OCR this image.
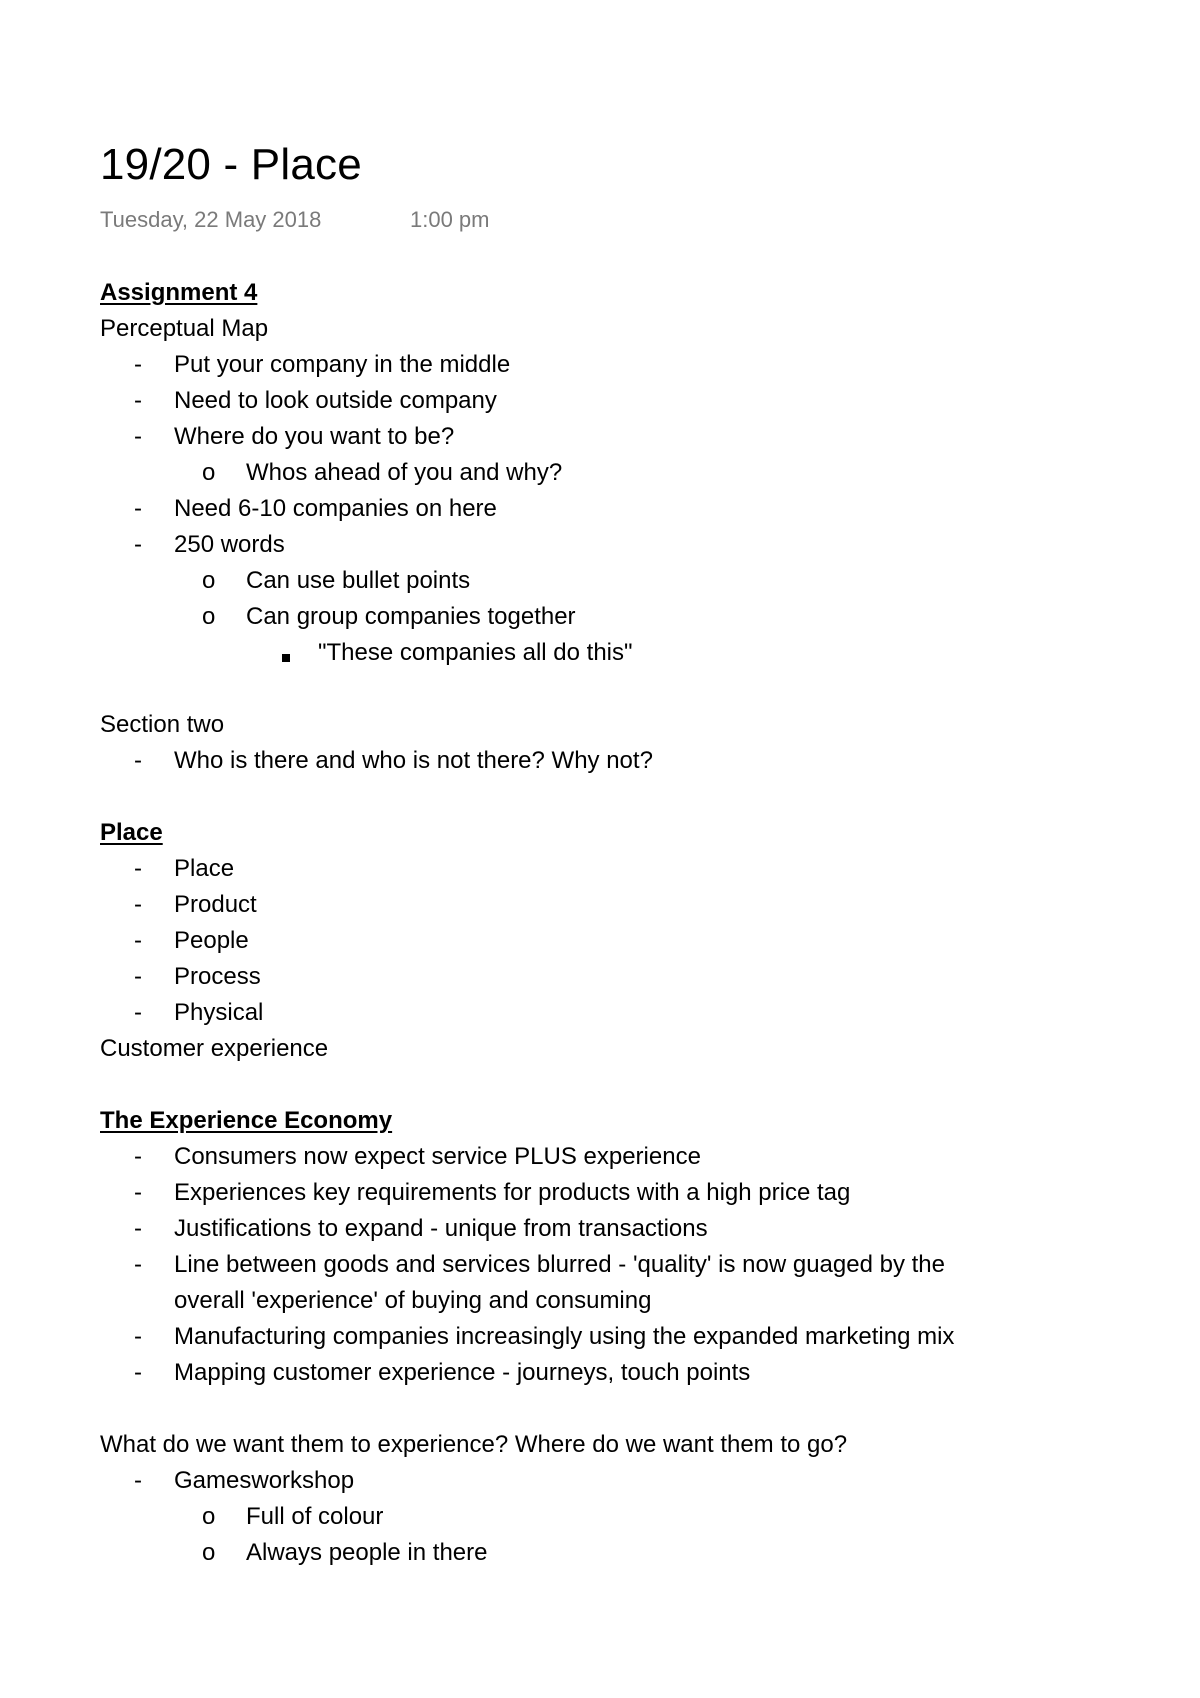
19/20 - Place
Tuesday, 22 May 2018	1:00 pm
Assignment 4
Perceptual Map
- Put your company in the middle
- Need to look outside company
- Where do you want to be?
o Whos ahead of you and why?
- Need 6-10 companies on here
- 250 words
o Can use bullet points
o Can group companies together
"These companies all do this"
Section two
- Who is there and who is not there? Why not?
Place
- Place
- Product
- People
- Process
- Physical
Customer experience
The Experience Economy
- Consumers now expect service PLUS experience
- Experiences key requirements for products with a high price tag
- Justifications to expand - unique from transactions
- Line between goods and services blurred - 'quality' is now guaged by the
overall 'experience' of buying and consuming
- Manufacturing companies increasingly using the expanded marketing mix
- Mapping customer experience - journeys, touch points
What do we want them to experience? Where do we want them to go?
- Gamesworkshop
o Full of colour
o Always people in there
